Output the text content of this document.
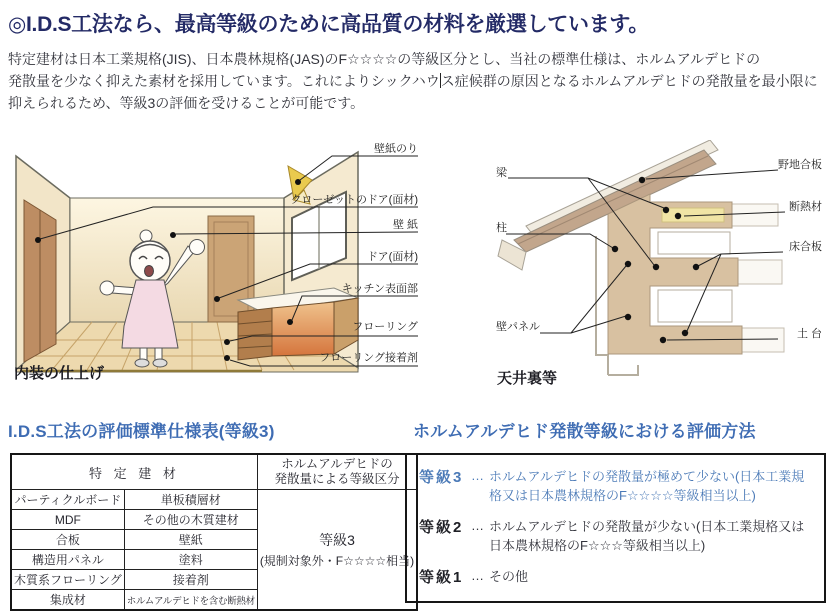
◎I.D.S工法なら、最高等級のために高品質の材料を厳選しています。
特定建材は日本工業規格(JIS)、日本農林規格(JAS)のF☆☆☆☆の等級区分とし、当社の標準仕様は、ホルムアルデヒドの
発散量を少なく抑えた素材を採用しています。これによりシックハウス症候群の原因となるホルムアルデヒドの発散量を最小限に
抑えられるため、等級3の評価を受けることが可能です。
壁紙のり
クローゼットのドア(面材)
壁 紙
ドア(面材)
キッチン表面部
フローリング
フローリング接着剤
内装の仕上げ
梁
柱
壁パネル
野地合板
断熱材
床合板
土 台
天井裏等
I.D.S工法の評価標準仕様表(等級3)	ホルムアルデヒド発散等級における評価方法
特 定 建 材		ホルムアルデヒドの
発散量による等級区分

パーティクルボード	単板積層材	等級3
(規制対象外・F☆☆☆☆相当)

MDF	その他の木質建材	
合板	壁紙	
構造用パネル	塗料	
木質系フローリング	接着剤	
集成材	ホルムアルデヒドを含む断熱材	
等級3 … ホルムアルデヒドの発散量が極めて少ない(日本工業規格又は日本農林規格のF☆☆☆☆等級相当以上)
等級2 … ホルムアルデヒドの発散量が少ない(日本工業規格又は日本農林規格のF☆☆☆等級相当以上)
等級1 … その他
